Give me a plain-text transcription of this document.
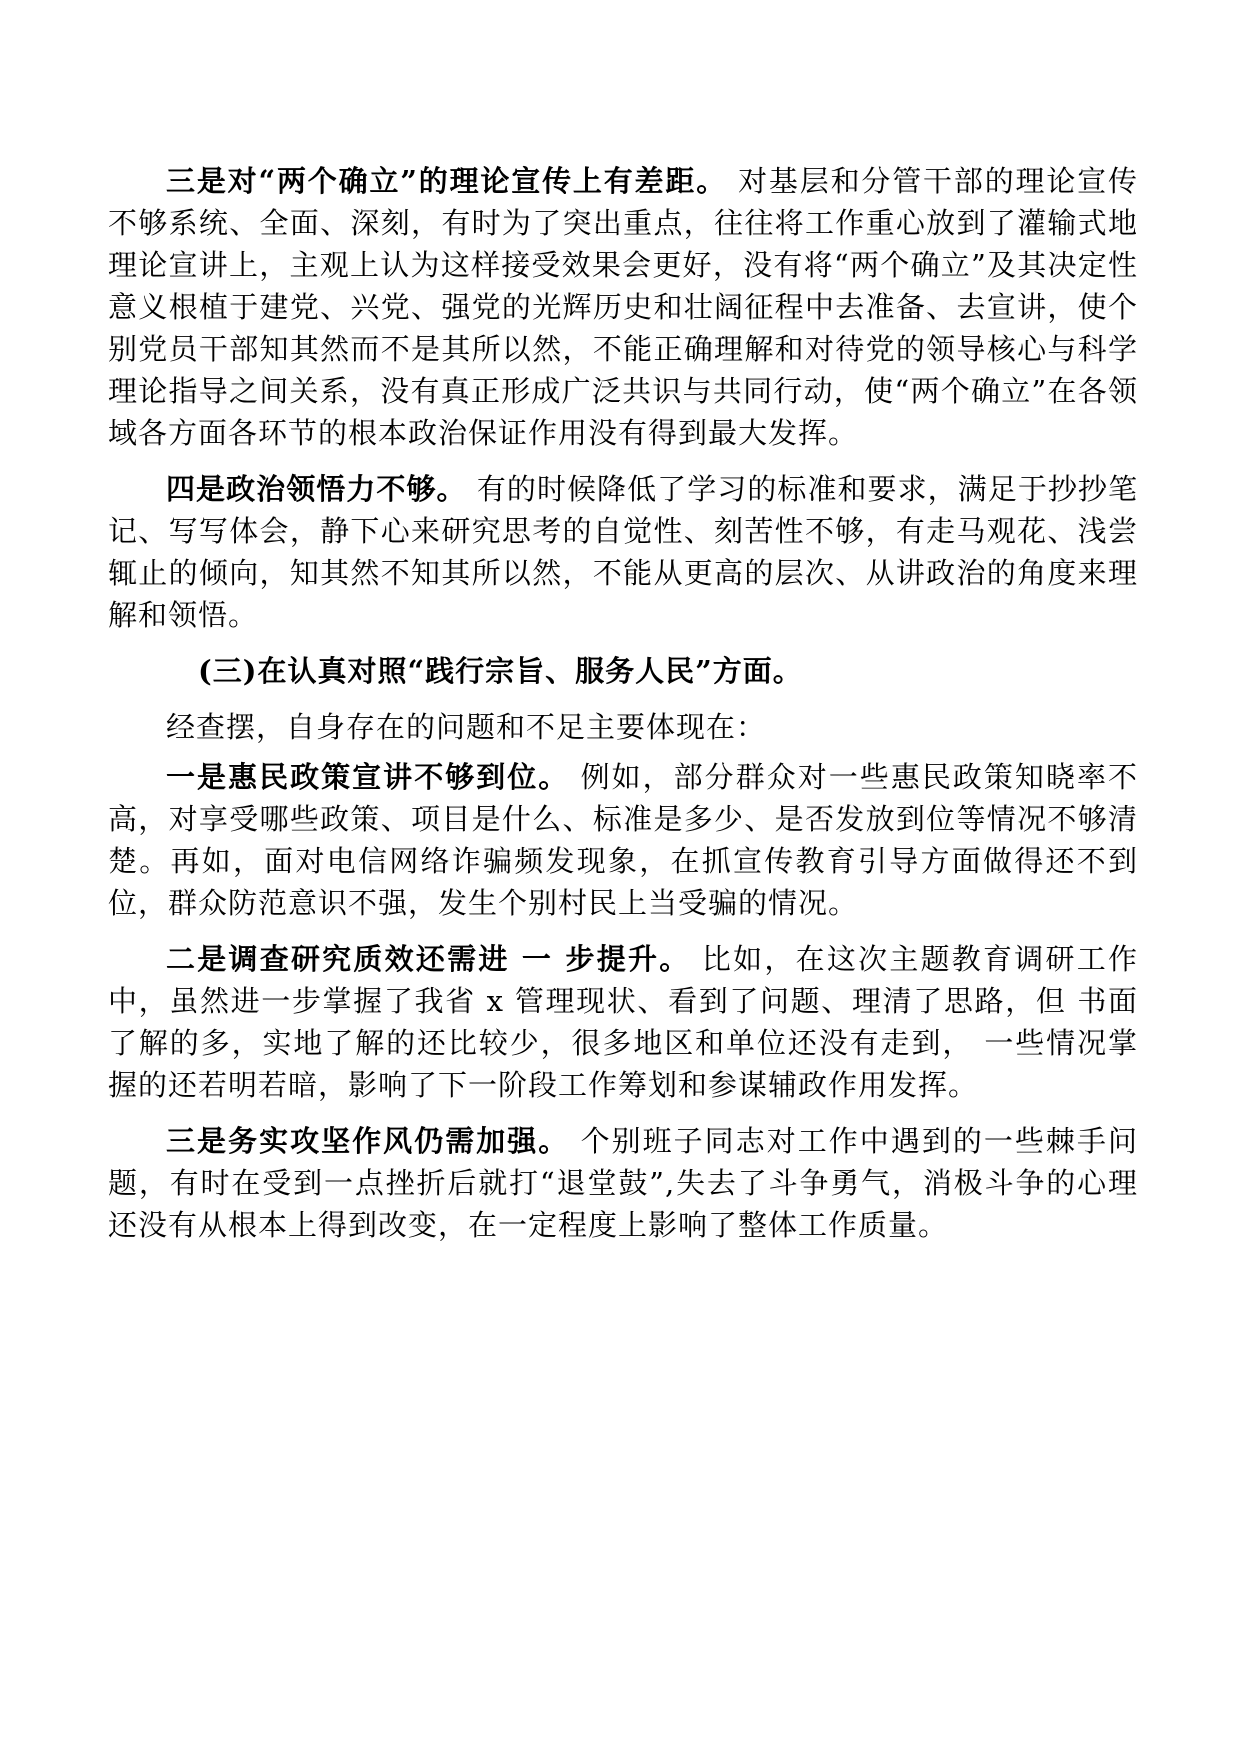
三是对“两个确立”的理论宣传上有差距。 对基层和分管干部的理论宣传不够系统、全面、深刻，有时为了突出重点，往往将工作重心放到了灌输式地理论宣讲上，主观上认为这样接受效果会更好，没有将“两个确立”及其决定性意义根植于建党、兴党、强党的光辉历史和壮阔征程中去准备、去宣讲，使个别党员干部知其然而不是其所以然，不能正确理解和对待党的领导核心与科学理论指导之间关系，没有真正形成广泛共识与共同行动，使“两个确立”在各领域各方面各环节的根本政治保证作用没有得到最大发挥。

四是政治领悟力不够。 有的时候降低了学习的标准和要求，满足于抄抄笔记、写写体会，静下心来研究思考的自觉性、刻苦性不够，有走马观花、浅尝辄止的倾向，知其然不知其所以然，不能从更高的层次、从讲政治的角度来理解和领悟。

(三)在认真对照“践行宗旨、服务人民”方面。

经查摆，自身存在的问题和不足主要体现在：

一是惠民政策宣讲不够到位。 例如，部分群众对一些惠民政策知晓率不高，对享受哪些政策、项目是什么、标准是多少、是否发放到位等情况不够清楚。再如，面对电信网络诈骗频发现象，在抓宣传教育引导方面做得还不到位，群众防范意识不强，发生个别村民上当受骗的情况。

二是调查研究质效还需进 一 步提升。 比如，在这次主题教育调研工作中，虽然进一步掌握了我省 x 管理现状、看到了问题、理清了思路，但 书面了解的多，实地了解的还比较少，很多地区和单位还没有走到， 一些情况掌握的还若明若暗，影响了下一阶段工作筹划和参谋辅政作用发挥。

三是务实攻坚作风仍需加强。 个别班子同志对工作中遇到的一些棘手问题，有时在受到一点挫折后就打“退堂鼓”,失去了斗争勇气，消极斗争的心理还没有从根本上得到改变，在一定程度上影响了整体工作质量。
